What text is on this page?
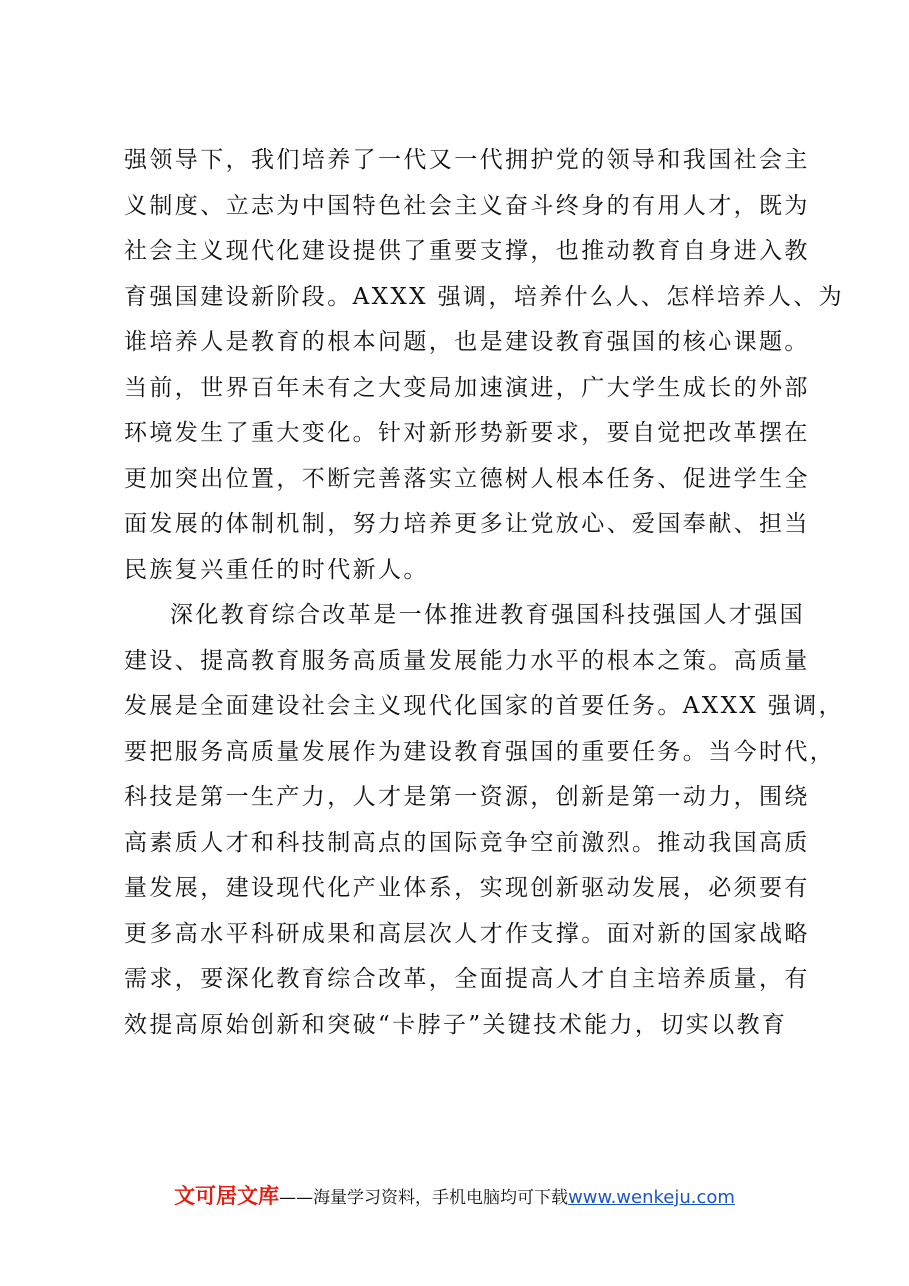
强领导下，我们培养了一代又一代拥护党的领导和我国社会主
义制度、立志为中国特色社会主义奋斗终身的有用人才，既为
社会主义现代化建设提供了重要支撑，也推动教育自身进入教
育强国建设新阶段。AXXX 强调，培养什么人、怎样培养人、为
谁培养人是教育的根本问题，也是建设教育强国的核心课题。
当前，世界百年未有之大变局加速演进，广大学生成长的外部
环境发生了重大变化。针对新形势新要求，要自觉把改革摆在
更加突出位置，不断完善落实立德树人根本任务、促进学生全
面发展的体制机制，努力培养更多让党放心、爱国奉献、担当
民族复兴重任的时代新人。
深化教育综合改革是一体推进教育强国科技强国人才强国
建设、提高教育服务高质量发展能力水平的根本之策。高质量
发展是全面建设社会主义现代化国家的首要任务。AXXX 强调，
要把服务高质量发展作为建设教育强国的重要任务。当今时代，
科技是第一生产力，人才是第一资源，创新是第一动力，围绕
高素质人才和科技制高点的国际竞争空前激烈。推动我国高质
量发展，建设现代化产业体系，实现创新驱动发展，必须要有
更多高水平科研成果和高层次人才作支撑。面对新的国家战略
需求，要深化教育综合改革，全面提高人才自主培养质量，有
效提高原始创新和突破“卡脖子”关键技术能力，切实以教育
文可居文库——海量学习资料，手机电脑均可下载www.wenkeju.com
